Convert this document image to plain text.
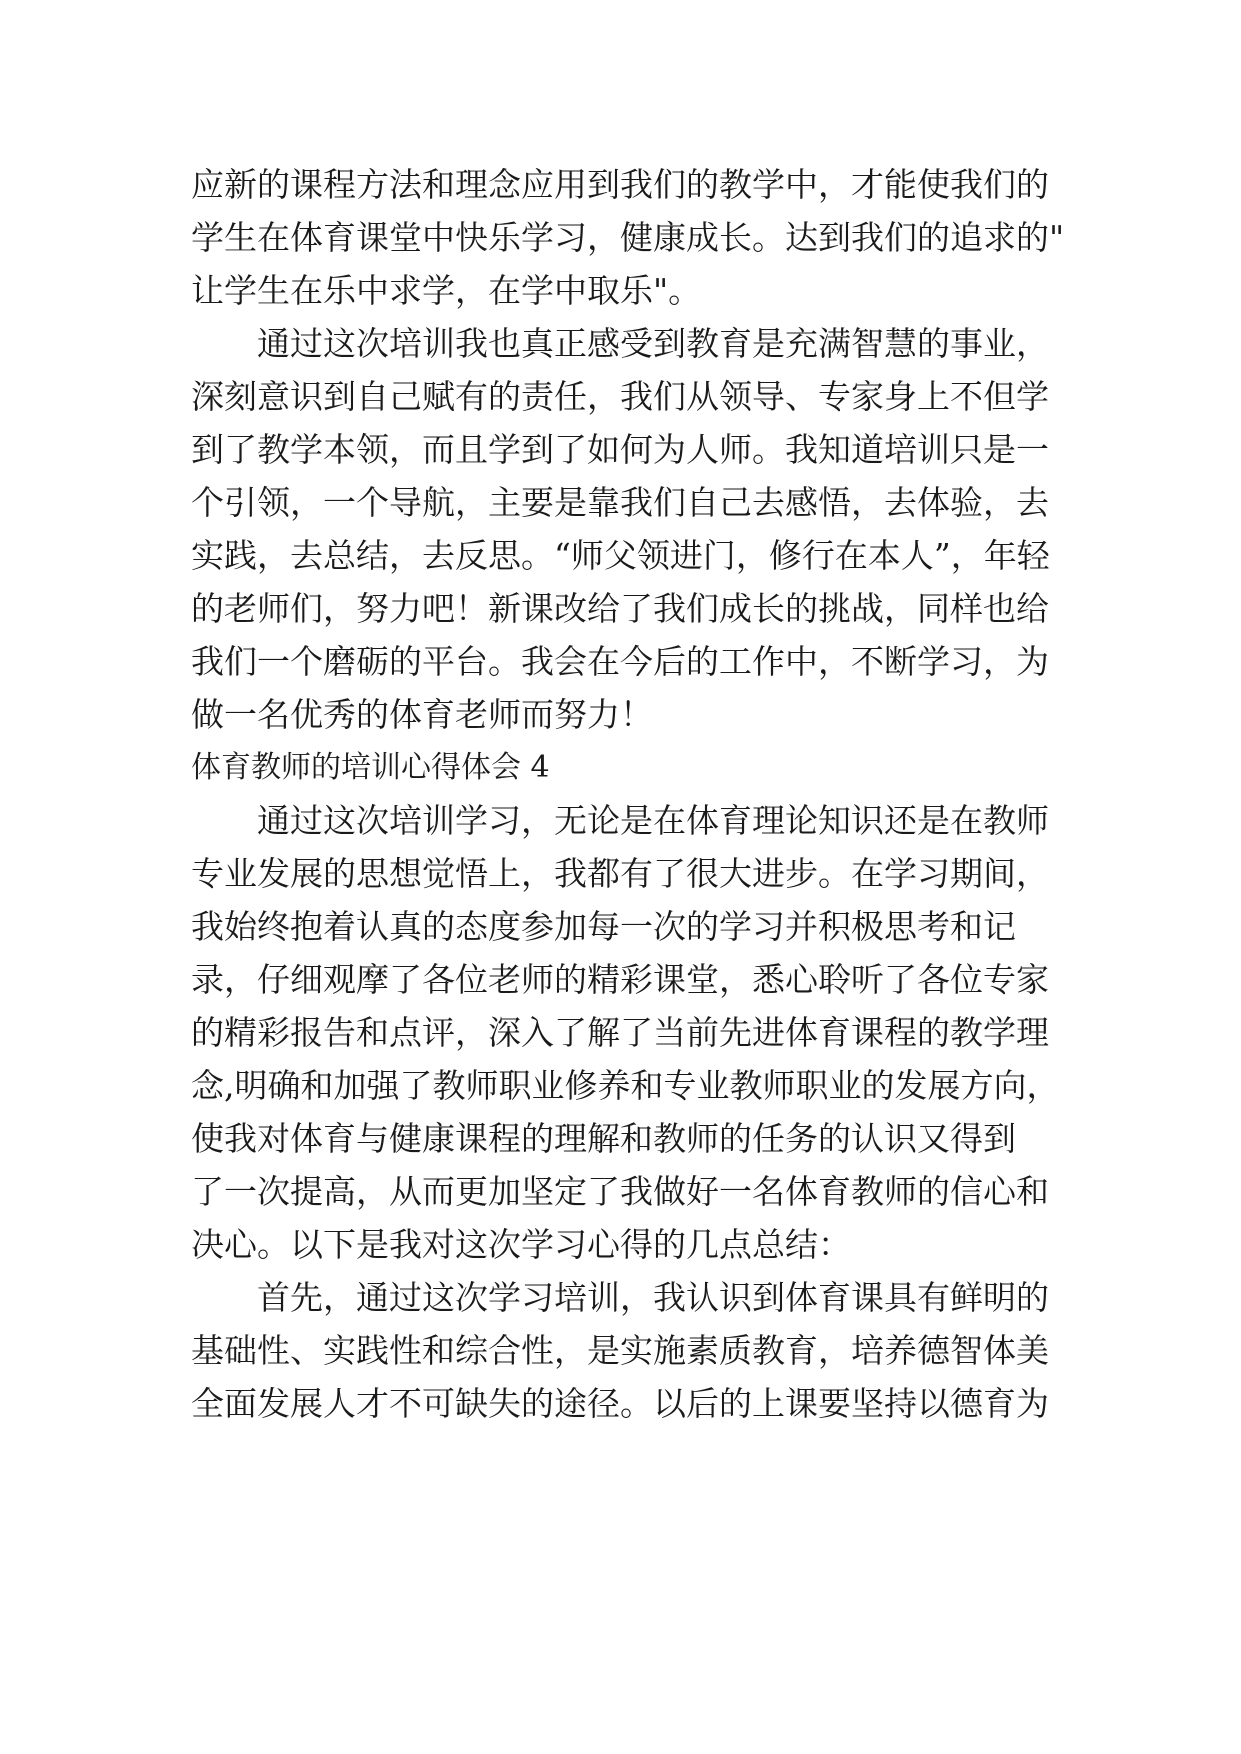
应新的课程方法和理念应用到我们的教学中，才能使我们的
学生在体育课堂中快乐学习，健康成长。达到我们的追求的"
让学生在乐中求学，在学中取乐"。
通过这次培训我也真正感受到教育是充满智慧的事业，
深刻意识到自己赋有的责任，我们从领导、专家身上不但学
到了教学本领，而且学到了如何为人师。我知道培训只是一
个引领，一个导航，主要是靠我们自己去感悟，去体验，去
实践，去总结，去反思。“师父领进门，修行在本人”，年轻
的老师们，努力吧！新课改给了我们成长的挑战，同样也给
我们一个磨砺的平台。我会在今后的工作中，不断学习，为
做一名优秀的体育老师而努力！
体育教师的培训心得体会 4
通过这次培训学习，无论是在体育理论知识还是在教师
专业发展的思想觉悟上，我都有了很大进步。在学习期间，
我始终抱着认真的态度参加每一次的学习并积极思考和记
录，仔细观摩了各位老师的精彩课堂，悉心聆听了各位专家
的精彩报告和点评，深入了解了当前先进体育课程的教学理
念,明确和加强了教师职业修养和专业教师职业的发展方向，
使我对体育与健康课程的理解和教师的任务的认识又得到
了一次提高，从而更加坚定了我做好一名体育教师的信心和
决心。以下是我对这次学习心得的几点总结：
首先，通过这次学习培训，我认识到体育课具有鲜明的
基础性、实践性和综合性，是实施素质教育，培养德智体美
全面发展人才不可缺失的途径。以后的上课要坚持以德育为
